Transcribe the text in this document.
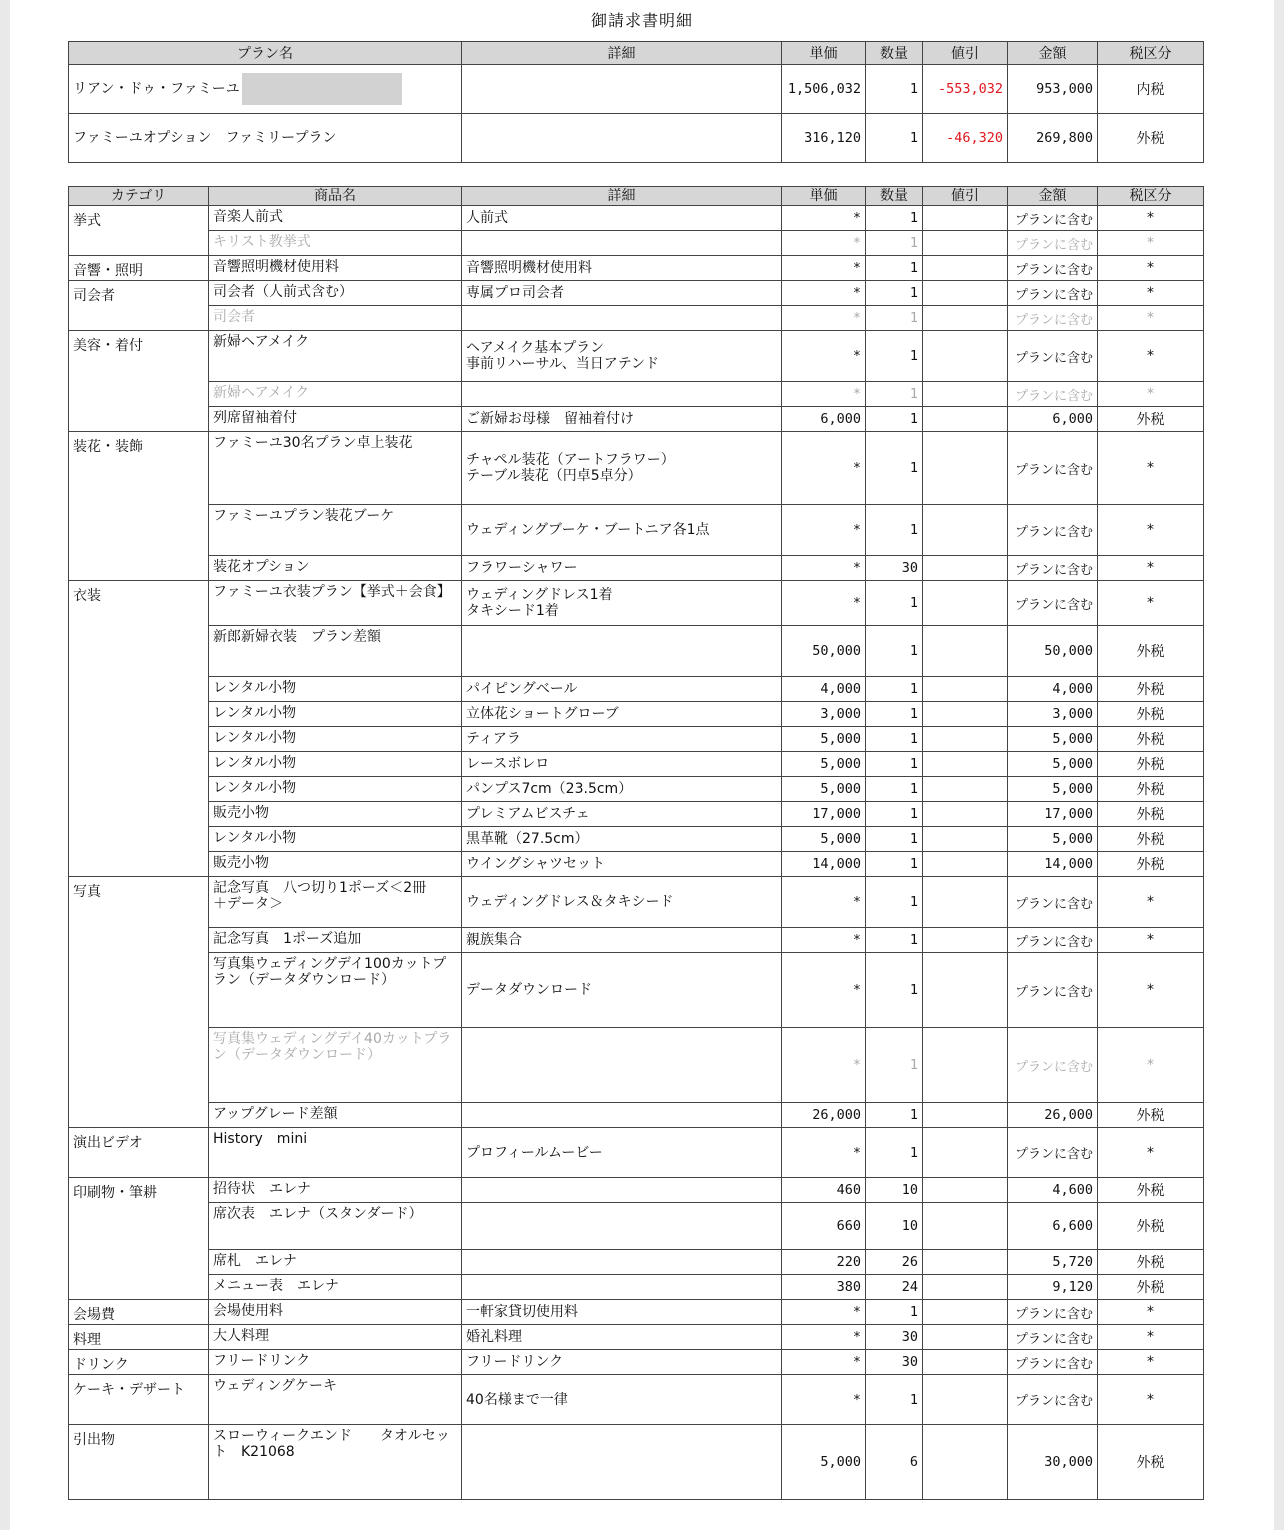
御請求書明細
プラン名	詳細	単価	数量	値引	金額	税区分
リアン・ドゥ・ファミーユ		1,506,032	1	-553,032	953,000	内税
ファミーユオプション　ファミリープラン		316,120	1	-46,320	269,800	外税
カテゴリ	商品名	詳細	単価	数量	値引	金額	税区分
挙式	音楽人前式	人前式	*	1		プランに含む	*
	キリスト教挙式		*	1		プランに含む	*
音響・照明	音響照明機材使用料	音響照明機材使用料	*	1		プランに含む	*
司会者	司会者（人前式含む）	専属プロ司会者	*	1		プランに含む	*
	司会者		*	1		プランに含む	*
美容・着付	新婦ヘアメイク	ヘアメイク基本プラン
事前リハーサル、当日アテンド	*	1		プランに含む	*
	新婦ヘアメイク		*	1		プランに含む	*
	列席留袖着付	ご新婦お母様　留袖着付け	6,000	1		6,000	外税
装花・装飾	ファミーユ30名プラン卓上装花	チャペル装花（アートフラワー）
テーブル装花（円卓5卓分）	*	1		プランに含む	*
	ファミーユプラン装花ブーケ	ウェディングブーケ・ブートニア各1点	*	1		プランに含む	*
	装花オプション	フラワーシャワー	*	30		プランに含む	*
衣装	ファミーユ衣装プラン【挙式＋会食】	ウェディングドレス1着
タキシード1着	*	1		プランに含む	*
	新郎新婦衣装　プラン差額		50,000	1		50,000	外税
	レンタル小物	パイピングベール	4,000	1		4,000	外税
	レンタル小物	立体花ショートグローブ	3,000	1		3,000	外税
	レンタル小物	ティアラ	5,000	1		5,000	外税
	レンタル小物	レースボレロ	5,000	1		5,000	外税
	レンタル小物	パンプス7cm（23.5cm）	5,000	1		5,000	外税
	販売小物	プレミアムビスチェ	17,000	1		17,000	外税
	レンタル小物	黒革靴（27.5cm）	5,000	1		5,000	外税
	販売小物	ウイングシャツセット	14,000	1		14,000	外税
写真	記念写真　八つ切り1ポーズ＜2冊
＋データ＞	ウェディングドレス＆タキシード	*	1		プランに含む	*
	記念写真　1ポーズ追加	親族集合	*	1		プランに含む	*
	写真集ウェディングデイ100カットプ
ラン（データダウンロード）	データダウンロード	*	1		プランに含む	*
	写真集ウェディングデイ40カットプラ
ン（データダウンロード）		*	1		プランに含む	*
	アップグレード差額		26,000	1		26,000	外税
演出ビデオ	History　mini	プロフィールムービー	*	1		プランに含む	*
印刷物・筆耕	招待状　エレナ		460	10		4,600	外税
	席次表　エレナ（スタンダード）		660	10		6,600	外税
	席札　エレナ		220	26		5,720	外税
	メニュー表　エレナ		380	24		9,120	外税
会場費	会場使用料	一軒家貸切使用料	*	1		プランに含む	*
料理	大人料理	婚礼料理	*	30		プランに含む	*
ドリンク	フリードリンク	フリードリンク	*	30		プランに含む	*
ケーキ・デザート	ウェディングケーキ	40名様まで一律	*	1		プランに含む	*
引出物	スローウィークエンド　　タオルセッ
ト　K21068		5,000	6		30,000	外税
